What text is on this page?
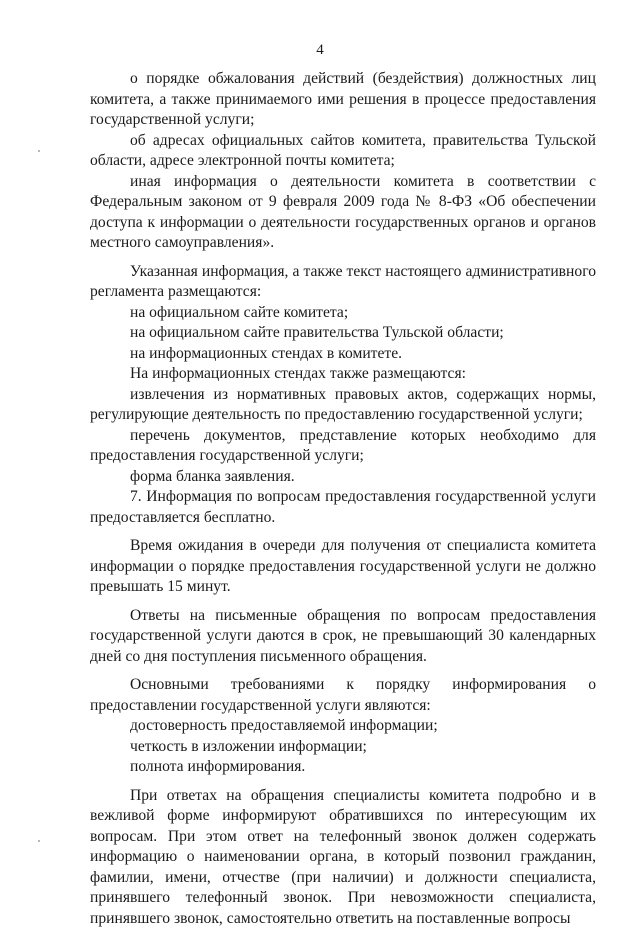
4

о порядке обжалования действий (бездействия) должностных лиц комитета, а также принимаемого ими решения в процессе предоставления государственной услуги;

об адресах официальных сайтов комитета, правительства Тульской области, адресе электронной почты комитета;

иная информация о деятельности комитета в соответствии с Федеральным законом от 9 февраля 2009 года № 8-ФЗ «Об обеспечении доступа к информации о деятельности государственных органов и органов местного самоуправления».

Указанная информация, а также текст настоящего административного регламента размещаются:

на официальном сайте комитета;

на официальном сайте правительства Тульской области;

на информационных стендах в комитете.

На информационных стендах также размещаются:

извлечения из нормативных правовых актов, содержащих нормы, регулирующие деятельность по предоставлению государственной услуги;

перечень документов, представление которых необходимо для предоставления государственной услуги;

форма бланка заявления.

7. Информация по вопросам предоставления государственной услуги предоставляется бесплатно.

Время ожидания в очереди для получения от специалиста комитета информации о порядке предоставления государственной услуги не должно превышать 15 минут.

Ответы на письменные обращения по вопросам предоставления государственной услуги даются в срок, не превышающий 30 календарных дней со дня поступления письменного обращения.

Основными требованиями к порядку информирования о предоставлении государственной услуги являются:

достоверность предоставляемой информации;

четкость в изложении информации;

полнота информирования.

При ответах на обращения специалисты комитета подробно и в вежливой форме информируют обратившихся по интересующим их вопросам. При этом ответ на телефонный звонок должен содержать информацию о наименовании органа, в который позвонил гражданин, фамилии, имени, отчестве (при наличии) и должности специалиста, принявшего телефонный звонок. При невозможности специалиста, принявшего звонок, самостоятельно ответить на поставленные вопросы
